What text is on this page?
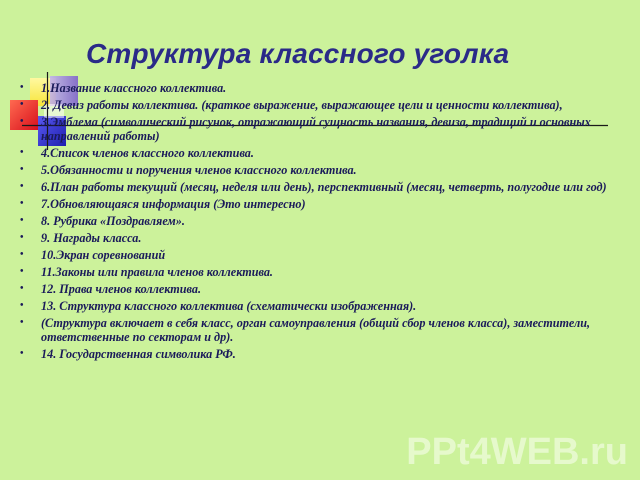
Структура классного уголка
• 1.Название классного коллектива.
• 2. Девиз работы коллектива. (краткое выражение, выражающее цели и ценности коллектива),
• 3.Эмблема (символический рисунок, отражающий сущность названия, девиза, традиций и основных направлений работы)
• 4.Список членов классного коллектива.
• 5.Обязанности и поручения членов классного коллектива.
• 6.План работы текущий (месяц, неделя или день), перспективный (месяц, четверть, полугодие или год)
• 7.Обновляющаяся информация (Это интересно)
• 8. Рубрика «Поздравляем».
• 9. Награды класса.
• 10.Экран соревнований
• 11.Законы или правила членов коллектива.
• 12. Права членов коллектива.
• 13. Структура классного коллектива (схематически изображенная).
• (Структура включает в себя класс, орган самоуправления (общий сбор членов класса), заместители, ответственные по секторам и др).
• 14. Государственная символика РФ.
PPt4WEB.ru
